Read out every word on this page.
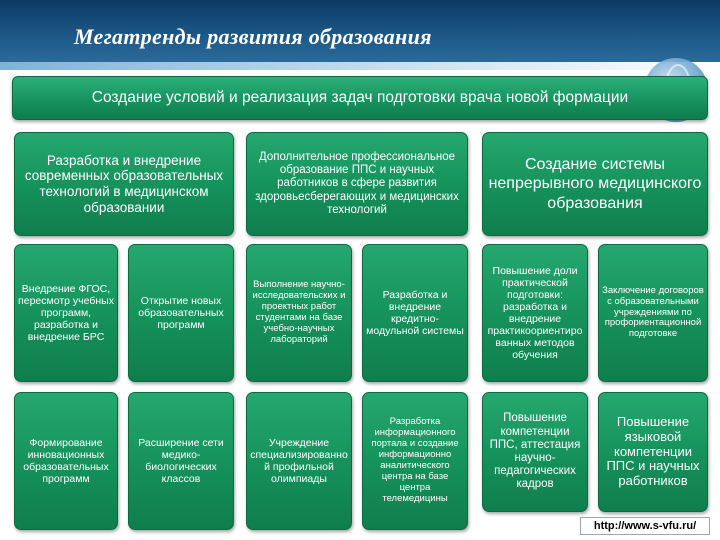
Мегатренды развития образования
Создание условий и реализация задач подготовки врача новой формации
Разработка и внедрение современных образовательных технологий в медицинском образовании
Внедрение ФГОС, пересмотр учебных программ, разработка и внедрение БРС
Открытие новых образовательных программ
Формирование инновационных образовательных программ
Расширение сети медико-биологических классов
Дополнительное профессиональное образование ППС и научных работников в сфере развития здоровьесберегающих и медицинских технологий
Выполнение научно-исследовательских и проектных работ студентами на базе учебно-научных лабораторий
Разработка и внедрение кредитно-модульной системы
Учреждение специализированной профильной олимпиады
Разработка информационного портала и создание информационно аналитического центра на базе центра телемедицины
Создание системы непрерывного медицинского образования
Повышение доли практической подготовки: разработка и внедрение практикоориентированных методов обучения
Заключение договоров с образовательными учреждениями по профориентационной подготовке
Повышение компетенции ППС, аттестация научно-педагогических кадров
Повышение языковой компетенции ППС и научных работников
http://www.s-vfu.ru/
